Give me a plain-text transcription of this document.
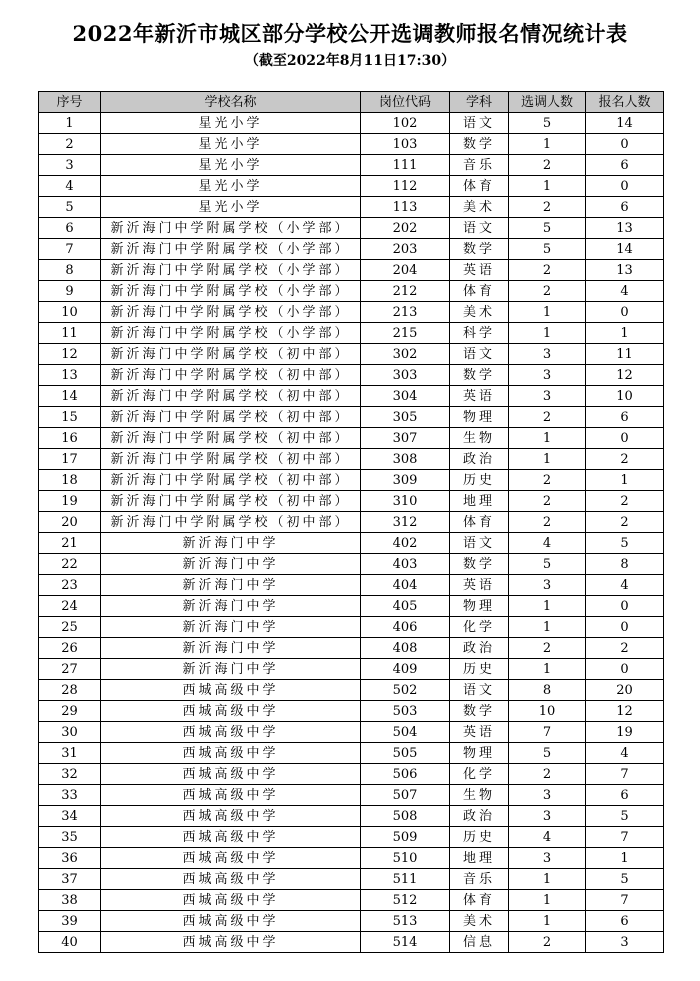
2022年新沂市城区部分学校公开选调教师报名情况统计表
（截至2022年8月11日17:30）
序号	学校名称	岗位代码	学科	选调人数	报名人数
1	星光小学	102	语文	5	14
2	星光小学	103	数学	1	0
3	星光小学	111	音乐	2	6
4	星光小学	112	体育	1	0
5	星光小学	113	美术	2	6
6	新沂海门中学附属学校（小学部）	202	语文	5	13
7	新沂海门中学附属学校（小学部）	203	数学	5	14
8	新沂海门中学附属学校（小学部）	204	英语	2	13
9	新沂海门中学附属学校（小学部）	212	体育	2	4
10	新沂海门中学附属学校（小学部）	213	美术	1	0
11	新沂海门中学附属学校（小学部）	215	科学	1	1
12	新沂海门中学附属学校（初中部）	302	语文	3	11
13	新沂海门中学附属学校（初中部）	303	数学	3	12
14	新沂海门中学附属学校（初中部）	304	英语	3	10
15	新沂海门中学附属学校（初中部）	305	物理	2	6
16	新沂海门中学附属学校（初中部）	307	生物	1	0
17	新沂海门中学附属学校（初中部）	308	政治	1	2
18	新沂海门中学附属学校（初中部）	309	历史	2	1
19	新沂海门中学附属学校（初中部）	310	地理	2	2
20	新沂海门中学附属学校（初中部）	312	体育	2	2
21	新沂海门中学	402	语文	4	5
22	新沂海门中学	403	数学	5	8
23	新沂海门中学	404	英语	3	4
24	新沂海门中学	405	物理	1	0
25	新沂海门中学	406	化学	1	0
26	新沂海门中学	408	政治	2	2
27	新沂海门中学	409	历史	1	0
28	西城高级中学	502	语文	8	20
29	西城高级中学	503	数学	10	12
30	西城高级中学	504	英语	7	19
31	西城高级中学	505	物理	5	4
32	西城高级中学	506	化学	2	7
33	西城高级中学	507	生物	3	6
34	西城高级中学	508	政治	3	5
35	西城高级中学	509	历史	4	7
36	西城高级中学	510	地理	3	1
37	西城高级中学	511	音乐	1	5
38	西城高级中学	512	体育	1	7
39	西城高级中学	513	美术	1	6
40	西城高级中学	514	信息	2	3
